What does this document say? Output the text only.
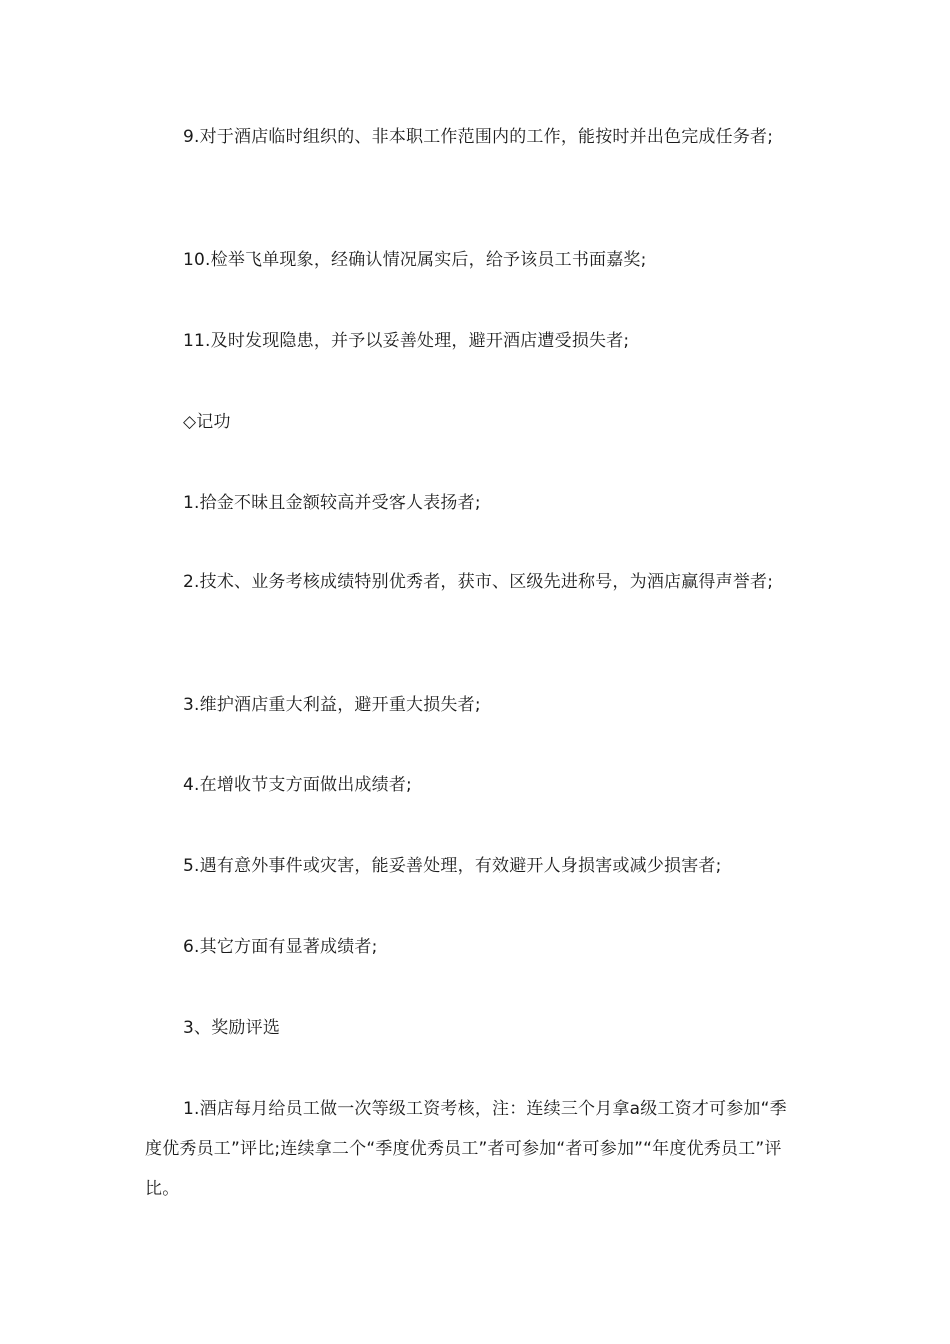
9.对于酒店临时组织的、非本职工作范围内的工作，能按时并出色完成任务者;

10.检举飞单现象，经确认情况属实后，给予该员工书面嘉奖;

11.及时发现隐患，并予以妥善处理，避开酒店遭受损失者;

◇记功

1.拾金不昧且金额较高并受客人表扬者;

2.技术、业务考核成绩特别优秀者，获市、区级先进称号，为酒店赢得声誉者;

3.维护酒店重大利益，避开重大损失者;

4.在增收节支方面做出成绩者;

5.遇有意外事件或灾害，能妥善处理，有效避开人身损害或减少损害者;

6.其它方面有显著成绩者;

3、奖励评选

1.酒店每月给员工做一次等级工资考核，注：连续三个月拿a级工资才可参加“季度优秀员工”评比;连续拿二个“季度优秀员工”者可参加“者可参加”“年度优秀员工”评比。
